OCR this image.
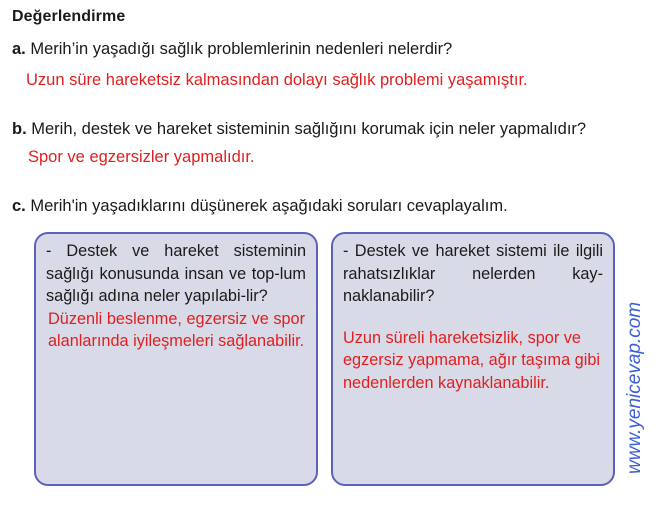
Değerlendirme
a. Merih’in yaşadığı sağlık problemlerinin nedenleri nelerdir?
Uzun süre hareketsiz kalmasından dolayı sağlık problemi yaşamıştır.
b. Merih, destek ve hareket sisteminin sağlığını korumak için neler yapmalıdır?
Spor ve egzersizler yapmalıdır.
c. Merih'in yaşadıklarını düşünerek aşağıdaki soruları cevaplayalım.
- Destek ve hareket sisteminin sağlığı konusunda insan ve top-lum sağlığı adına neler yapılabi-lir?
Düzenli beslenme, egzersiz ve spor alanlarında iyileşmeleri sağlanabilir.
- Destek ve hareket sistemi ile ilgili rahatsızlıklar nelerden kay-naklanabilir?
Uzun süreli hareketsizlik, spor ve egzersiz yapmama, ağır taşıma gibi nedenlerden kaynaklanabilir.	www.yenicevap.com
